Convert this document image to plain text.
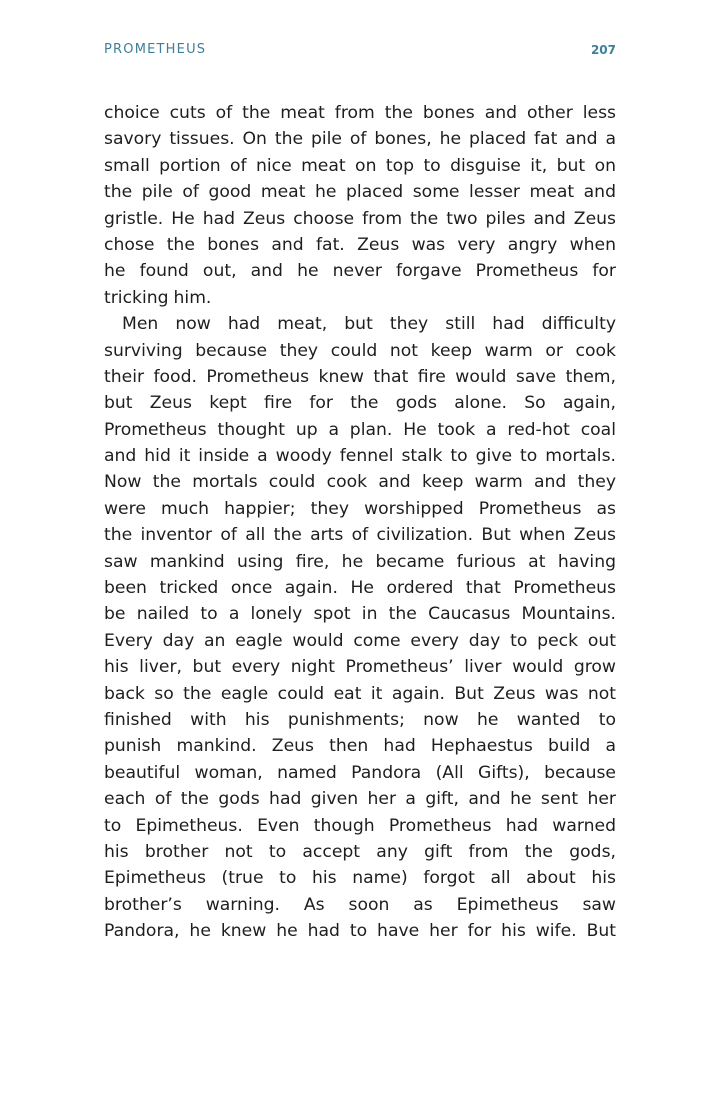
PROMETHEUS	207
choice cuts of the meat from the bones and other less
savory tissues. On the pile of bones, he placed fat and a
small portion of nice meat on top to disguise it, but on
the pile of good meat he placed some lesser meat and
gristle. He had Zeus choose from the two piles and Zeus
chose the bones and fat. Zeus was very angry when
he found out, and he never forgave Prometheus for
tricking him.
Men now had meat, but they still had difficulty
surviving because they could not keep warm or cook
their food. Prometheus knew that fire would save them,
but Zeus kept fire for the gods alone. So again,
Prometheus thought up a plan. He took a red-hot coal
and hid it inside a woody fennel stalk to give to mortals.
Now the mortals could cook and keep warm and they
were much happier; they worshipped Prometheus as
the inventor of all the arts of civilization. But when Zeus
saw mankind using fire, he became furious at having
been tricked once again. He ordered that Prometheus
be nailed to a lonely spot in the Caucasus Mountains.
Every day an eagle would come every day to peck out
his liver, but every night Prometheus’ liver would grow
back so the eagle could eat it again. But Zeus was not
finished with his punishments; now he wanted to
punish mankind. Zeus then had Hephaestus build a
beautiful woman, named Pandora (All Gifts), because
each of the gods had given her a gift, and he sent her
to Epimetheus. Even though Prometheus had warned
his brother not to accept any gift from the gods,
Epimetheus (true to his name) forgot all about his
brother’s warning. As soon as Epimetheus saw
Pandora, he knew he had to have her for his wife. But
